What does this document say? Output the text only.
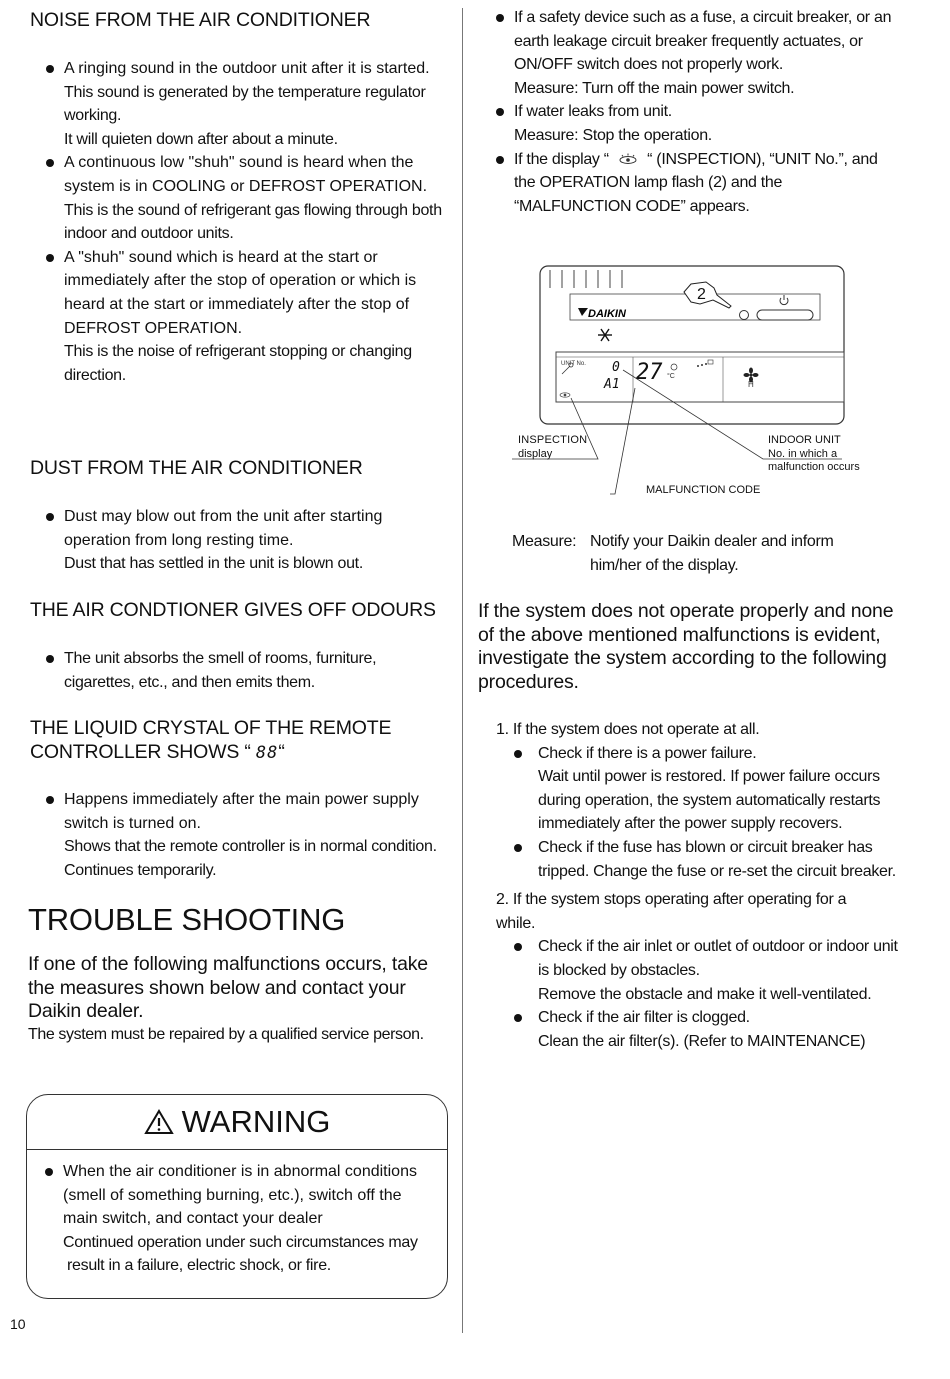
NOISE FROM THE AIR CONDITIONER
A ringing sound in the outdoor unit after it is started.
This sound is generated by the temperature regulator working.
It will quieten down after about a minute.
A continuous low "shuh" sound is heard when the system is in COOLING or DEFROST OPERATION.
This is the sound of refrigerant gas flowing through both indoor and outdoor units.
A "shuh" sound which is heard at the start or immediately after the stop of operation or which is heard at the start or immediately after the stop of DEFROST OPERATION.
This is the noise of refrigerant stopping or changing direction.
DUST FROM THE AIR CONDITIONER
Dust may blow out from the unit after starting operation from long resting time.
Dust that has settled in the unit is blown out.
THE AIR CONDTIONER GIVES OFF ODOURS
The unit absorbs the smell of rooms, furniture, cigarettes, etc., and then emits them.
THE LIQUID CRYSTAL OF THE REMOTE
CONTROLLER SHOWS “ 88“
Happens immediately after the main power supply switch is turned on.
Shows that the remote controller is in normal condition. Continues temporarily.
TROUBLE SHOOTING

If one of the following malfunctions occurs, take the measures shown below and contact your Daikin dealer.

The system must be repaired by a qualified service person.

WARNING
When the air conditioner is in abnormal conditions (smell of something burning, etc.), switch off the main switch, and contact your dealer
Continued operation under such circumstances may
result in a failure, electric shock, or fire.
If a safety device such as a fuse, a circuit breaker, or an earth leakage circuit breaker frequently actuates, or ON/OFF switch does not properly work.
Measure: Turn off the main power switch.
If water leaks from unit.
Measure: Stop the operation.
If the display “ “ (INSPECTION), “UNIT No.”, and the OPERATION lamp flash (2) and the “MALFUNCTION CODE” appears.
DAIKIN
2
UNIT No. 0
A1 27 °C
H
INSPECTION
display
INDOOR UNIT
No. in which a
malfunction occurs
MALFUNCTION CODE
Measure: Notify your Daikin dealer and inform
him/her of the display.

If the system does not operate properly and none of the above mentioned malfunctions is evident, investigate the system according to the following procedures.

1. If the system does not operate at all.
Check if there is a power failure.
Wait until power is restored. If power failure occurs during operation, the system automatically restarts immediately after the power supply recovers.
Check if the fuse has blown or circuit breaker has tripped. Change the fuse or re-set the circuit breaker.
2. If the system stops operating after operating for a while.
Check if the air inlet or outlet of outdoor or indoor unit is blocked by obstacles.
Remove the obstacle and make it well-ventilated.
Check if the air filter is clogged.
Clean the air filter(s). (Refer to MAINTENANCE)
10
